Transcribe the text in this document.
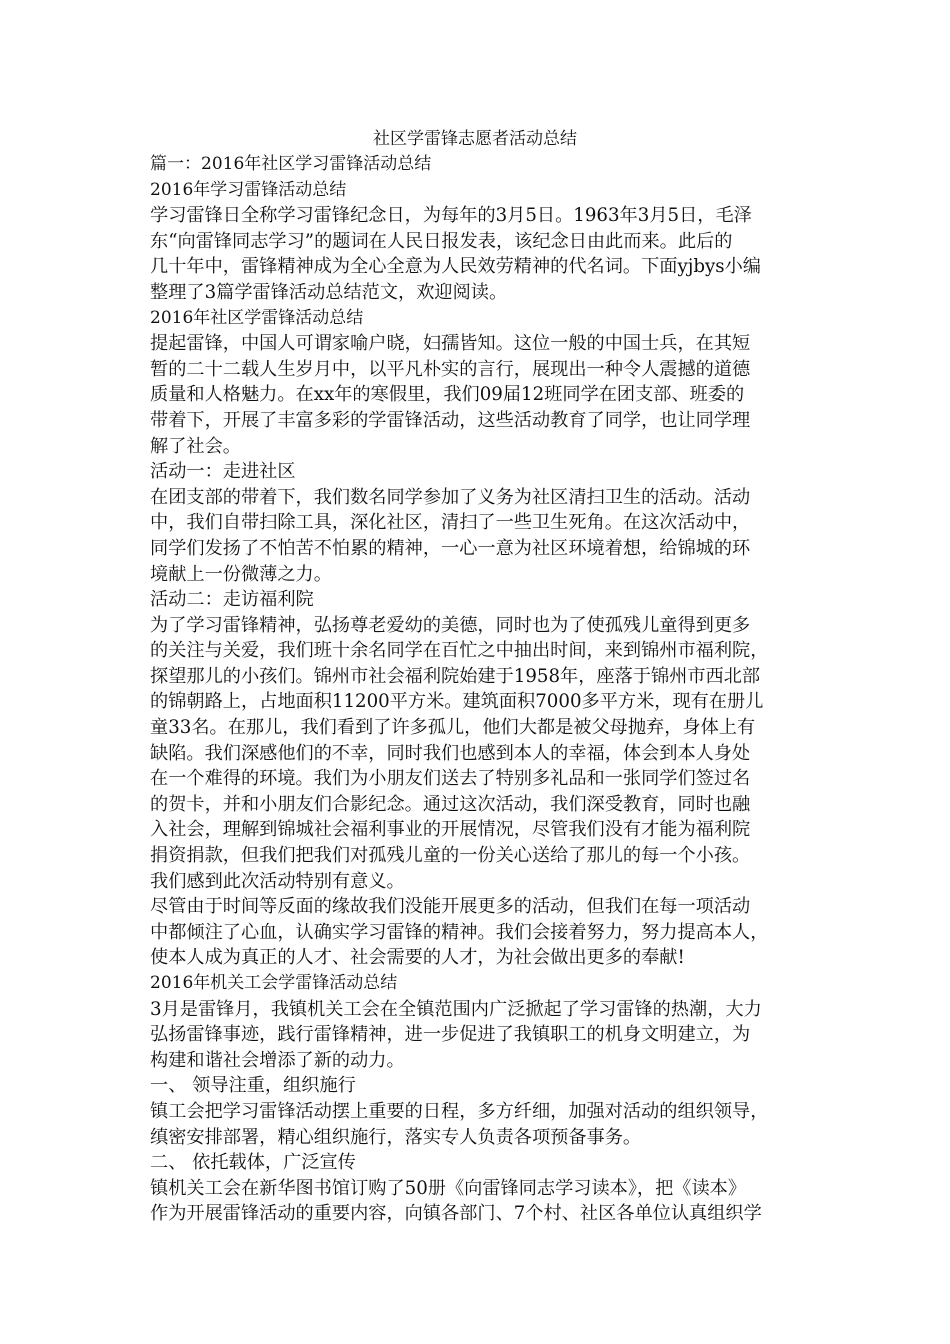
社区学雷锋志愿者活动总结
篇一：2016年社区学习雷锋活动总结
2016年学习雷锋活动总结
学习雷锋日全称学习雷锋纪念日，为每年的3月5日。1963年3月5日，毛泽
东“向雷锋同志学习”的题词在人民日报发表，该纪念日由此而来。此后的
几十年中，雷锋精神成为全心全意为人民效劳精神的代名词。下面yjbys小编
整理了3篇学雷锋活动总结范文，欢迎阅读。
2016年社区学雷锋活动总结
提起雷锋，中国人可谓家喻户晓，妇孺皆知。这位一般的中国士兵，在其短
暂的二十二载人生岁月中，以平凡朴实的言行，展现出一种令人震撼的道德
质量和人格魅力。在xx年的寒假里，我们09届12班同学在团支部、班委的
带着下，开展了丰富多彩的学雷锋活动，这些活动教育了同学，也让同学理
解了社会。
活动一：走进社区
在团支部的带着下，我们数名同学参加了义务为社区清扫卫生的活动。活动
中，我们自带扫除工具，深化社区，清扫了一些卫生死角。在这次活动中，
同学们发扬了不怕苦不怕累的精神，一心一意为社区环境着想，给锦城的环
境献上一份微薄之力。
活动二：走访福利院
为了学习雷锋精神，弘扬尊老爱幼的美德，同时也为了使孤残儿童得到更多
的关注与关爱，我们班十余名同学在百忙之中抽出时间，来到锦州市福利院，
探望那儿的小孩们。锦州市社会福利院始建于1958年，座落于锦州市西北部
的锦朝路上，占地面积11200平方米。建筑面积7000多平方米，现有在册儿
童33名。在那儿，我们看到了许多孤儿，他们大都是被父母抛弃，身体上有
缺陷。我们深感他们的不幸，同时我们也感到本人的幸福，体会到本人身处
在一个难得的环境。我们为小朋友们送去了特别多礼品和一张同学们签过名
的贺卡，并和小朋友们合影纪念。通过这次活动，我们深受教育，同时也融
入社会，理解到锦城社会福利事业的开展情况，尽管我们没有才能为福利院
捐资捐款，但我们把我们对孤残儿童的一份关心送给了那儿的每一个小孩。
我们感到此次活动特别有意义。
尽管由于时间等反面的缘故我们没能开展更多的活动，但我们在每一项活动
中都倾注了心血，认确实学习雷锋的精神。我们会接着努力，努力提高本人，
使本人成为真正的人才、社会需要的人才，为社会做出更多的奉献!
2016年机关工会学雷锋活动总结
3月是雷锋月，我镇机关工会在全镇范围内广泛掀起了学习雷锋的热潮，大力
弘扬雷锋事迹，践行雷锋精神，进一步促进了我镇职工的机身文明建立，为
构建和谐社会增添了新的动力。
一、 领导注重，组织施行
镇工会把学习雷锋活动摆上重要的日程，多方纤细，加强对活动的组织领导，
缜密安排部署，精心组织施行，落实专人负责各项预备事务。
二、 依托载体，广泛宣传
镇机关工会在新华图书馆订购了50册《向雷锋同志学习读本》，把《读本》
作为开展雷锋活动的重要内容，向镇各部门、7个村、社区各单位认真组织学
